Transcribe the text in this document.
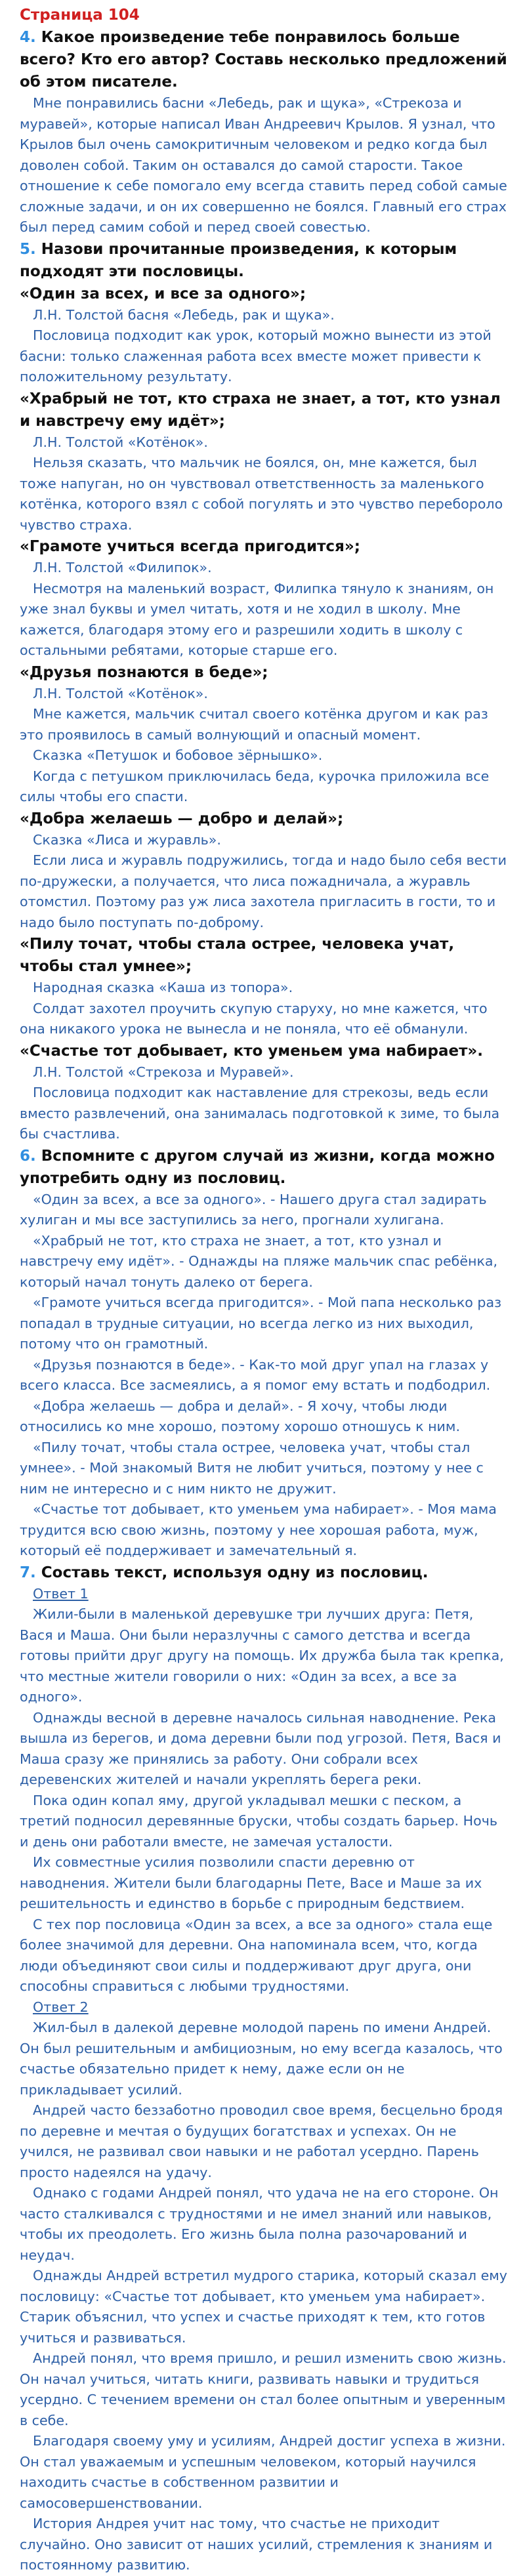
Страница 104

4. Какое произведение тебе понравилось больше всего? Кто его автор? Составь несколько предложений об этом писателе.

Мне понравились басни «Лебедь, рак и щука», «Стрекоза и муравей», которые написал Иван Андреевич Крылов. Я узнал, что Крылов был очень самокритичным человеком и редко когда был доволен собой. Таким он оставался до самой старости. Такое отношение к себе помогало ему всегда ставить перед собой самые сложные задачи, и он их совершенно не боялся. Главный его страх был перед самим собой и перед своей совестью.

5. Назови прочитанные произведения, к которым подходят эти пословицы.

«Один за всех, и все за одного»;

Л.Н. Толстой басня «Лебедь, рак и щука».

Пословица подходит как урок, который можно вынести из этой басни: только слаженная работа всех вместе может привести к положительному результату.

«Храбрый не тот, кто страха не знает, а тот, кто узнал и навстречу ему идёт»;

Л.Н. Толстой «Котёнок».

Нельзя сказать, что мальчик не боялся, он, мне кажется, был тоже напуган, но он чувствовал ответственность за маленького котёнка, которого взял с собой погулять и это чувство переборолo чувство страха.

«Грамоте учиться всегда пригодится»;

Л.Н. Толстой «Филипок».

Несмотря на маленький возраст, Филипка тянуло к знаниям, он уже знал буквы и умел читать, хотя и не ходил в школу. Мне кажется, благодаря этому его и разрешили ходить в школу с остальными ребятами, которые старше его.

«Друзья познаются в беде»;

Л.Н. Толстой «Котёнок».

Мне кажется, мальчик считал своего котёнка другом и как раз это проявилось в самый волнующий и опасный момент.

Сказка «Петушок и бобовое зёрнышко».

Когда с петушком приключилась беда, курочка приложила все силы чтобы его спасти.

«Добра желаешь — добро и делай»;

Сказка «Лиса и журавль».

Если лиса и журавль подружились, тогда и надо было себя вести по-дружески, а получается, что лиса пожадничала, а журавль отомстил. Поэтому раз уж лиса захотела пригласить в гости, то и надо было поступать по-доброму.

«Пилу точат, чтобы стала острее, человека учат, чтобы стал умнее»;

Народная сказка «Каша из топора».

Солдат захотел проучить скупую старуху, но мне кажется, что она никакого урока не вынесла и не поняла, что её обманули.

«Счастье тот добывает, кто уменьем ума набирает».

Л.Н. Толстой «Стрекоза и Муравей».

Пословица подходит как наставление для стрекозы, ведь если вместо развлечений, она занималась подготовкой к зиме, то была бы счастлива.

6. Вспомните с другом случай из жизни, когда можно употребить одну из пословиц.

«Один за всех, а все за одного». - Нашего друга стал задирать хулиган и мы все заступились за него, прогнали хулигана.

«Храбрый не тот, кто страха не знает, а тот, кто узнал и навстречу ему идёт». - Однажды на пляже мальчик спас ребёнка, который начал тонуть далеко от берега.

«Грамоте учиться всегда пригодится». - Мой папа несколько раз попадал в трудные ситуации, но всегда легко из них выходил, потому что он грамотный.

«Друзья познаются в беде». - Как-то мой друг упал на глазах у всего класса. Все засмеялись, а я помог ему встать и подбодрил.

«Добра желаешь — добра и делай». - Я хочу, чтобы люди относились ко мне хорошо, поэтому хорошо отношусь к ним.

«Пилу точат, чтобы стала острее, человека учат, чтобы стал умнее». - Мой знакомый Витя не любит учиться, поэтому у нее с ним не интересно и с ним никто не дружит.

«Счастье тот добывает, кто уменьем ума набирает». - Моя мама трудится всю свою жизнь, поэтому у нее хорошая работа, муж, который её поддерживает и замечательный я.

7. Составь текст, используя одну из пословиц.

Ответ 1

Жили-были в маленькой деревушке три лучших друга: Петя, Вася и Маша. Они были неразлучны с самого детства и всегда готовы прийти друг другу на помощь. Их дружба была так крепка, что местные жители говорили о них: «Один за всех, а все за одного».

Однажды весной в деревне началось сильная наводнение. Река вышла из берегов, и дома деревни были под угрозой. Петя, Вася и Маша сразу же принялись за работу. Они собрали всех деревенских жителей и начали укреплять берега реки.

Пока один копал яму, другой укладывал мешки с песком, а третий подносил деревянные бруски, чтобы создать барьер. Ночь и день они работали вместе, не замечая усталости.

Их совместные усилия позволили спасти деревню от наводнения. Жители были благодарны Пете, Васе и Маше за их решительность и единство в борьбе с природным бедствием.

С тех пор пословица «Один за всех, а все за одного» стала еще более значимой для деревни. Она напоминала всем, что, когда люди объединяют свои силы и поддерживают друг друга, они способны справиться с любыми трудностями.

Ответ 2

Жил-был в далекой деревне молодой парень по имени Андрей. Он был решительным и амбициозным, но ему всегда казалось, что счастье обязательно придет к нему, даже если он не прикладывает усилий.

Андрей часто беззаботно проводил свое время, бесцельно бродя по деревне и мечтая о будущих богатствах и успехах. Он не учился, не развивал свои навыки и не работал усердно. Парень просто надеялся на удачу.

Однако с годами Андрей понял, что удача не на его стороне. Он часто сталкивался с трудностями и не имел знаний или навыков, чтобы их преодолеть. Его жизнь была полна разочарований и неудач.

Однажды Андрей встретил мудрого старика, который сказал ему пословицу: «Счастье тот добывает, кто уменьем ума набирает». Старик объяснил, что успех и счастье приходят к тем, кто готов учиться и развиваться.

Андрей понял, что время пришло, и решил изменить свою жизнь. Он начал учиться, читать книги, развивать навыки и трудиться усердно. С течением времени он стал более опытным и уверенным в себе.

Благодаря своему уму и усилиям, Андрей достиг успеха в жизни. Он стал уважаемым и успешным человеком, который научился находить счастье в собственном развитии и самосовершенствовании.

История Андрея учит нас тому, что счастье не приходит случайно. Оно зависит от наших усилий, стремления к знаниям и постоянному развитию.
